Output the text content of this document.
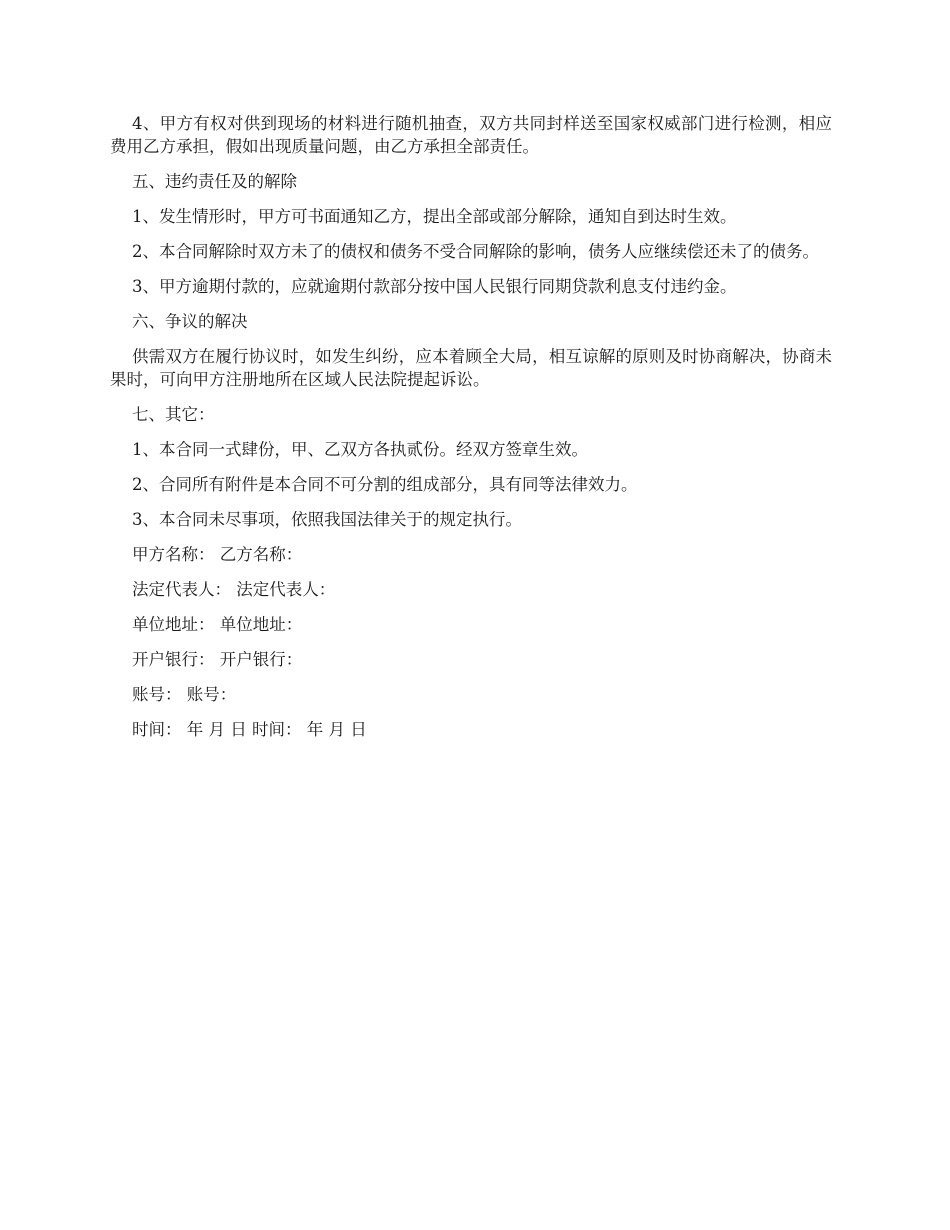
4、甲方有权对供到现场的材料进行随机抽查，双方共同封样送至国家权威部门进行检测，相应费用乙方承担，假如出现质量问题，由乙方承担全部责任。

五、违约责任及的解除

1、发生情形时，甲方可书面通知乙方，提出全部或部分解除，通知自到达时生效。

2、本合同解除时双方未了的债权和债务不受合同解除的影响，债务人应继续偿还未了的债务。

3、甲方逾期付款的，应就逾期付款部分按中国人民银行同期贷款利息支付违约金。

六、争议的解决

供需双方在履行协议时，如发生纠纷，应本着顾全大局，相互谅解的原则及时协商解决，协商未果时，可向甲方注册地所在区域人民法院提起诉讼。

七、其它：

1、本合同一式肆份，甲、乙双方各执贰份。经双方签章生效。

2、合同所有附件是本合同不可分割的组成部分，具有同等法律效力。

3、本合同未尽事项，依照我国法律关于的规定执行。

甲方名称： 乙方名称：

法定代表人： 法定代表人：

单位地址： 单位地址：

开户银行： 开户银行：

账号： 账号：

时间： 年 月 日 时间： 年 月 日
